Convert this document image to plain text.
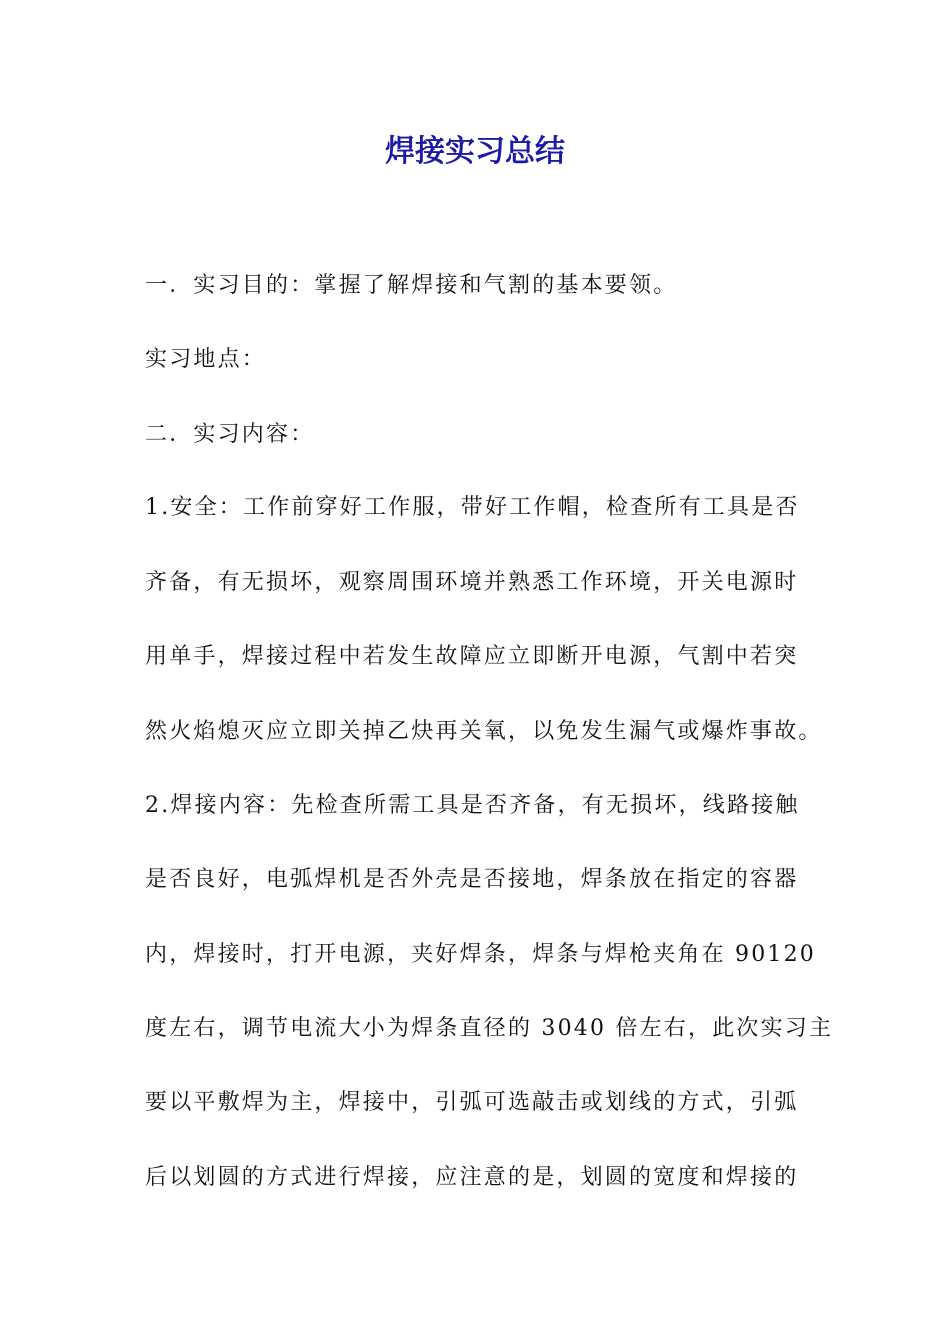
焊接实习总结

一．实习目的：掌握了解焊接和气割的基本要领。

实习地点：

二．实习内容：

1.安全：工作前穿好工作服，带好工作帽，检查所有工具是否

齐备，有无损坏，观察周围环境并熟悉工作环境，开关电源时

用单手，焊接过程中若发生故障应立即断开电源，气割中若突

然火焰熄灭应立即关掉乙炔再关氧，以免发生漏气或爆炸事故。

2.焊接内容：先检查所需工具是否齐备，有无损坏，线路接触

是否良好，电弧焊机是否外壳是否接地，焊条放在指定的容器

内，焊接时，打开电源，夹好焊条，焊条与焊枪夹角在 90120

度左右，调节电流大小为焊条直径的 3040 倍左右，此次实习主

要以平敷焊为主，焊接中，引弧可选敲击或划线的方式，引弧

后以划圆的方式进行焊接，应注意的是，划圆的宽度和焊接的
